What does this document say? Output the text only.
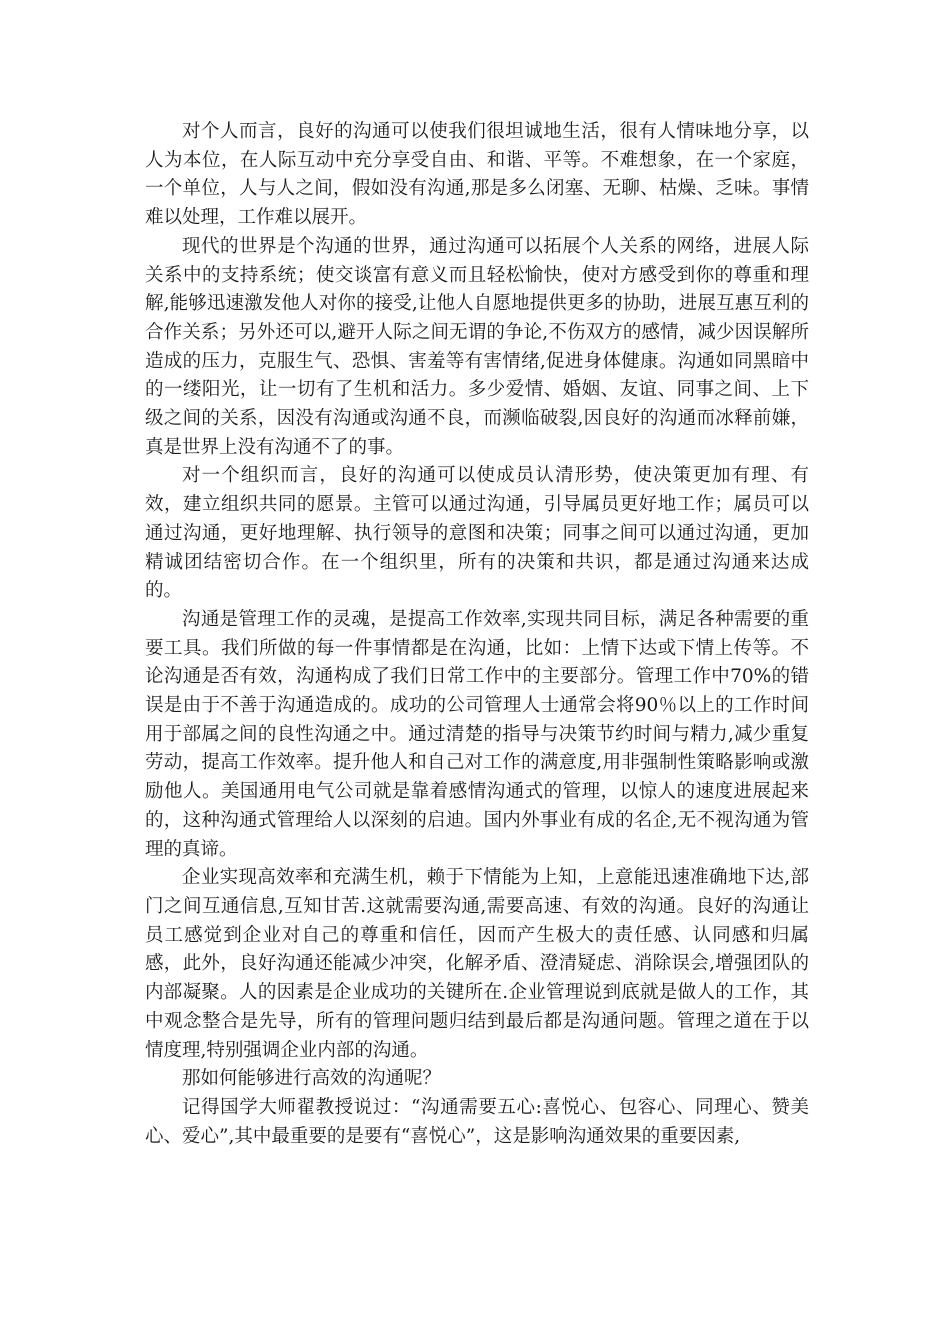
对个人而言，良好的沟通可以使我们很坦诚地生活，很有人情味地分享，以人为本位，在人际互动中充分享受自由、和谐、平等。不难想象，在一个家庭，一个单位，人与人之间，假如没有沟通,那是多么闭塞、无聊、枯燥、乏味。事情难以处理，工作难以展开。

现代的世界是个沟通的世界，通过沟通可以拓展个人关系的网络，进展人际关系中的支持系统；使交谈富有意义而且轻松愉快，使对方感受到你的尊重和理解,能够迅速激发他人对你的接受,让他人自愿地提供更多的协助，进展互惠互利的合作关系；另外还可以,避开人际之间无谓的争论,不伤双方的感情，减少因误解所造成的压力，克服生气、恐惧、害羞等有害情绪,促进身体健康。沟通如同黑暗中的一缕阳光，让一切有了生机和活力。多少爱情、婚姻、友谊、同事之间、上下级之间的关系，因没有沟通或沟通不良，而濒临破裂,因良好的沟通而冰释前嫌，真是世界上没有沟通不了的事。

对一个组织而言，良好的沟通可以使成员认清形势，使决策更加有理、有效，建立组织共同的愿景。主管可以通过沟通，引导属员更好地工作；属员可以通过沟通，更好地理解、执行领导的意图和决策；同事之间可以通过沟通，更加精诚团结密切合作。在一个组织里，所有的决策和共识，都是通过沟通来达成的。

沟通是管理工作的灵魂，是提高工作效率,实现共同目标，满足各种需要的重要工具。我们所做的每一件事情都是在沟通，比如：上情下达或下情上传等。不论沟通是否有效，沟通构成了我们日常工作中的主要部分。管理工作中70%的错误是由于不善于沟通造成的。成功的公司管理人士通常会将90％以上的工作时间用于部属之间的良性沟通之中。通过清楚的指导与决策节约时间与精力,减少重复劳动，提高工作效率。提升他人和自己对工作的满意度,用非强制性策略影响或激励他人。美国通用电气公司就是靠着感情沟通式的管理，以惊人的速度进展起来的，这种沟通式管理给人以深刻的启迪。国内外事业有成的名企,无不视沟通为管理的真谛。

企业实现高效率和充满生机，赖于下情能为上知，上意能迅速准确地下达,部门之间互通信息,互知甘苦.这就需要沟通,需要高速、有效的沟通。良好的沟通让员工感觉到企业对自己的尊重和信任，因而产生极大的责任感、认同感和归属感，此外，良好沟通还能减少冲突，化解矛盾、澄清疑虑、消除误会,增强团队的内部凝聚。人的因素是企业成功的关键所在.企业管理说到底就是做人的工作，其中观念整合是先导，所有的管理问题归结到最后都是沟通问题。管理之道在于以情度理,特别强调企业内部的沟通。

那如何能够进行高效的沟通呢？

记得国学大师翟教授说过：“沟通需要五心:喜悦心、包容心、同理心、赞美心、爱心”,其中最重要的是要有“喜悦心”，这是影响沟通效果的重要因素,
